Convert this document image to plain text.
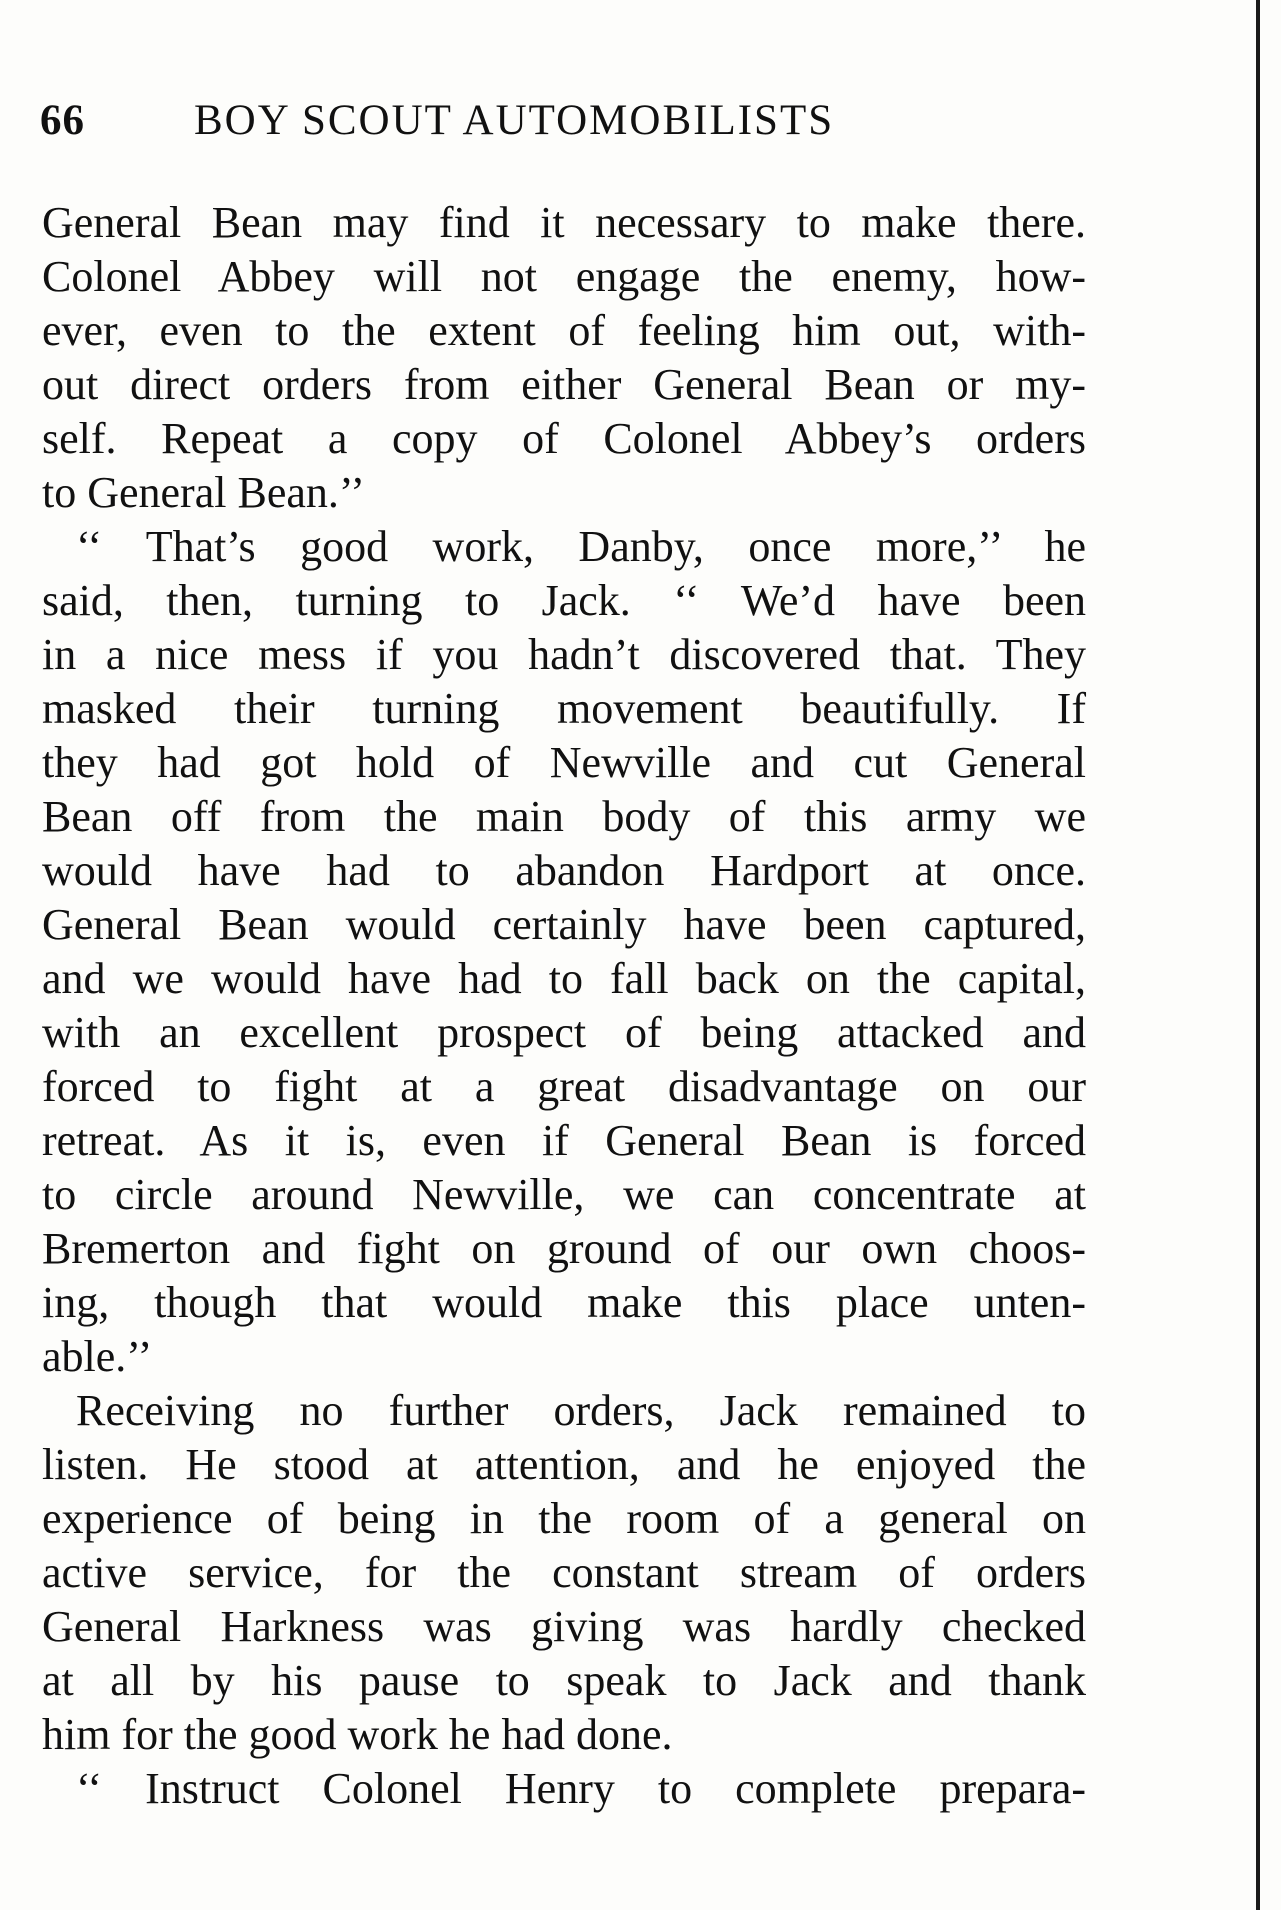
66	BOY SCOUT AUTOMOBILISTS
General Bean may find it necessary to make there.
Colonel Abbey will not engage the enemy, how-
ever, even to the extent of feeling him out, with-
out direct orders from either General Bean or my-
self. Repeat a copy of Colonel Abbey’s orders
to General Bean.’’
‘‘ That’s good work, Danby, once more,’’ he
said, then, turning to Jack. ‘‘ We’d have been
in a nice mess if you hadn’t discovered that. They
masked their turning movement beautifully. If
they had got hold of Newville and cut General
Bean off from the main body of this army we
would have had to abandon Hardport at once.
General Bean would certainly have been captured,
and we would have had to fall back on the capital,
with an excellent prospect of being attacked and
forced to fight at a great disadvantage on our
retreat. As it is, even if General Bean is forced
to circle around Newville, we can concentrate at
Bremerton and fight on ground of our own choos-
ing, though that would make this place unten-
able.’’
Receiving no further orders, Jack remained to
listen. He stood at attention, and he enjoyed the
experience of being in the room of a general on
active service, for the constant stream of orders
General Harkness was giving was hardly checked
at all by his pause to speak to Jack and thank
him for the good work he had done.
‘‘ Instruct Colonel Henry to complete prepara-
